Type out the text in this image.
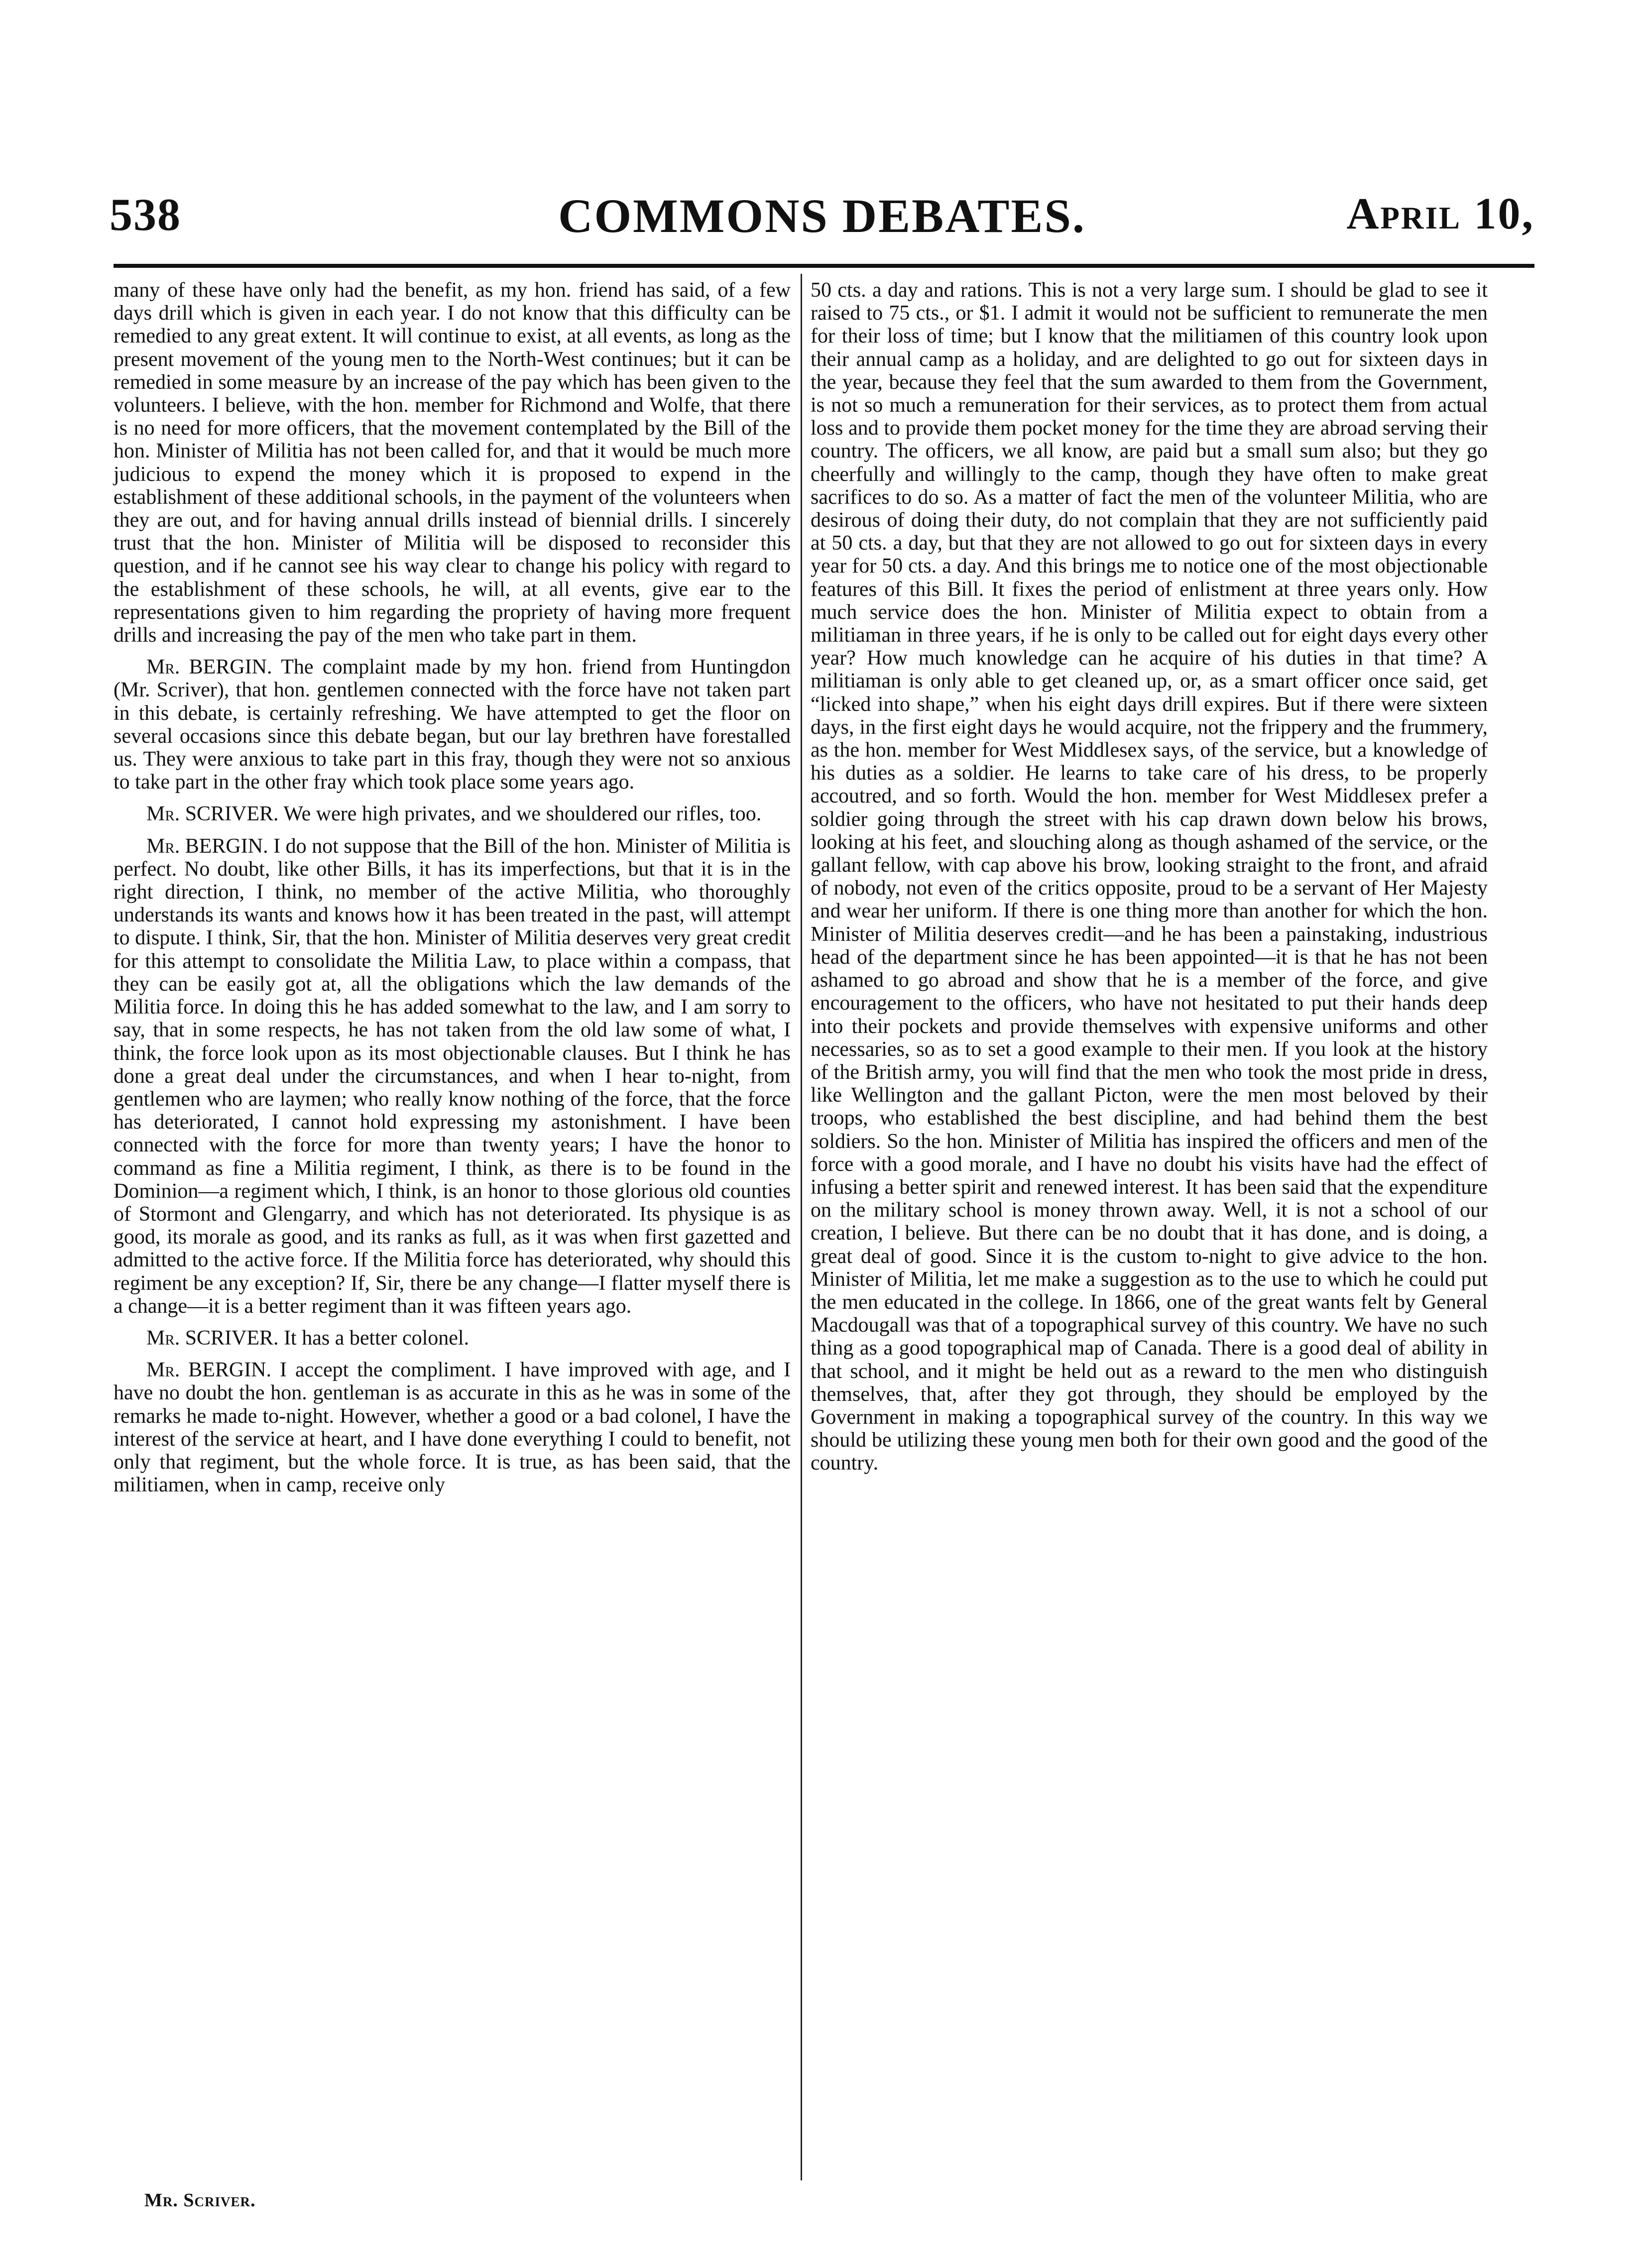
538	COMMONS DEBATES.	April 10,

many of these have only had the benefit, as my hon. friend has said, of a few days drill which is given in each year. I do not know that this difficulty can be remedied to any great extent. It will continue to exist, at all events, as long as the present movement of the young men to the North-West continues; but it can be remedied in some measure by an increase of the pay which has been given to the volunteers. I believe, with the hon. member for Richmond and Wolfe, that there is no need for more officers, that the movement contemplated by the Bill of the hon. Minister of Militia has not been called for, and that it would be much more judicious to expend the money which it is proposed to expend in the establishment of these additional schools, in the payment of the volunteers when they are out, and for having annual drills instead of biennial drills. I sincerely trust that the hon. Minister of Militia will be disposed to reconsider this question, and if he cannot see his way clear to change his policy with regard to the establishment of these schools, he will, at all events, give ear to the representations given to him regarding the propriety of having more frequent drills and increasing the pay of the men who take part in them.

Mr. BERGIN. The complaint made by my hon. friend from Huntingdon (Mr. Scriver), that hon. gentlemen connected with the force have not taken part in this debate, is certainly refreshing. We have attempted to get the floor on several occasions since this debate began, but our lay brethren have forestalled us. They were anxious to take part in this fray, though they were not so anxious to take part in the other fray which took place some years ago.

Mr. SCRIVER. We were high privates, and we shouldered our rifles, too.

Mr. BERGIN. I do not suppose that the Bill of the hon. Minister of Militia is perfect. No doubt, like other Bills, it has its imperfections, but that it is in the right direction, I think, no member of the active Militia, who thoroughly understands its wants and knows how it has been treated in the past, will attempt to dispute. I think, Sir, that the hon. Minister of Militia deserves very great credit for this attempt to consolidate the Militia Law, to place within a compass, that they can be easily got at, all the obligations which the law demands of the Militia force. In doing this he has added somewhat to the law, and I am sorry to say, that in some respects, he has not taken from the old law some of what, I think, the force look upon as its most objectionable clauses. But I think he has done a great deal under the circumstances, and when I hear to-night, from gentlemen who are laymen; who really know nothing of the force, that the force has deteriorated, I cannot hold expressing my astonishment. I have been connected with the force for more than twenty years; I have the honor to command as fine a Militia regiment, I think, as there is to be found in the Dominion—a regiment which, I think, is an honor to those glorious old counties of Stormont and Glengarry, and which has not deteriorated. Its physique is as good, its morale as good, and its ranks as full, as it was when first gazetted and admitted to the active force. If the Militia force has deteriorated, why should this regiment be any exception? If, Sir, there be any change—I flatter myself there is a change—it is a better regiment than it was fifteen years ago.

Mr. SCRIVER. It has a better colonel.

Mr. BERGIN. I accept the compliment. I have improved with age, and I have no doubt the hon. gentleman is as accurate in this as he was in some of the remarks he made to-night. However, whether a good or a bad colonel, I have the interest of the service at heart, and I have done everything I could to benefit, not only that regiment, but the whole force. It is true, as has been said, that the militiamen, when in camp, receive only

50 cts. a day and rations. This is not a very large sum. I should be glad to see it raised to 75 cts., or $1. I admit it would not be sufficient to remunerate the men for their loss of time; but I know that the militiamen of this country look upon their annual camp as a holiday, and are delighted to go out for sixteen days in the year, because they feel that the sum awarded to them from the Government, is not so much a remuneration for their services, as to protect them from actual loss and to provide them pocket money for the time they are abroad serving their country. The officers, we all know, are paid but a small sum also; but they go cheerfully and willingly to the camp, though they have often to make great sacrifices to do so. As a matter of fact the men of the volunteer Militia, who are desirous of doing their duty, do not complain that they are not sufficiently paid at 50 cts. a day, but that they are not allowed to go out for sixteen days in every year for 50 cts. a day. And this brings me to notice one of the most objectionable features of this Bill. It fixes the period of enlistment at three years only. How much service does the hon. Minister of Militia expect to obtain from a militiaman in three years, if he is only to be called out for eight days every other year? How much knowledge can he acquire of his duties in that time? A militiaman is only able to get cleaned up, or, as a smart officer once said, get “licked into shape,” when his eight days drill expires. But if there were sixteen days, in the first eight days he would acquire, not the frippery and the frummery, as the hon. member for West Middlesex says, of the service, but a knowledge of his duties as a soldier. He learns to take care of his dress, to be properly accoutred, and so forth. Would the hon. member for West Middlesex prefer a soldier going through the street with his cap drawn down below his brows, looking at his feet, and slouching along as though ashamed of the service, or the gallant fellow, with cap above his brow, looking straight to the front, and afraid of nobody, not even of the critics opposite, proud to be a servant of Her Majesty and wear her uniform. If there is one thing more than another for which the hon. Minister of Militia deserves credit—and he has been a painstaking, industrious head of the department since he has been appointed—it is that he has not been ashamed to go abroad and show that he is a member of the force, and give encouragement to the officers, who have not hesitated to put their hands deep into their pockets and provide themselves with expensive uniforms and other necessaries, so as to set a good example to their men. If you look at the history of the British army, you will find that the men who took the most pride in dress, like Wellington and the gallant Picton, were the men most beloved by their troops, who established the best discipline, and had behind them the best soldiers. So the hon. Minister of Militia has inspired the officers and men of the force with a good morale, and I have no doubt his visits have had the effect of infusing a better spirit and renewed interest. It has been said that the expenditure on the military school is money thrown away. Well, it is not a school of our creation, I believe. But there can be no doubt that it has done, and is doing, a great deal of good. Since it is the custom to-night to give advice to the hon. Minister of Militia, let me make a suggestion as to the use to which he could put the men educated in the college. In 1866, one of the great wants felt by General Macdougall was that of a topographical survey of this country. We have no such thing as a good topographical map of Canada. There is a good deal of ability in that school, and it might be held out as a reward to the men who distinguish themselves, that, after they got through, they should be employed by the Government in making a topographical survey of the country. In this way we should be utilizing these young men both for their own good and the good of the country.

Mr. Scriver.
